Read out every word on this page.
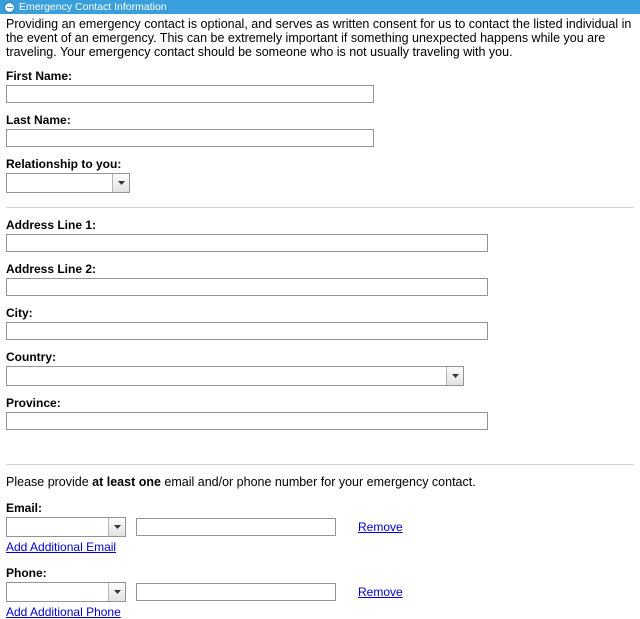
Emergency Contact Information

Providing an emergency contact is optional, and serves as written consent for us to contact the listed individual in the event of an emergency. This can be extremely important if something unexpected happens while you are traveling. Your emergency contact should be someone who is not usually traveling with you.

First Name:
Last Name:
Relationship to you:
Address Line 1:
Address Line 2:
City:
Country:
Province:

Please provide at least one email and/or phone number for your emergency contact.

Email:
Remove
Add Additional Email
Phone:
Remove
Add Additional Phone
